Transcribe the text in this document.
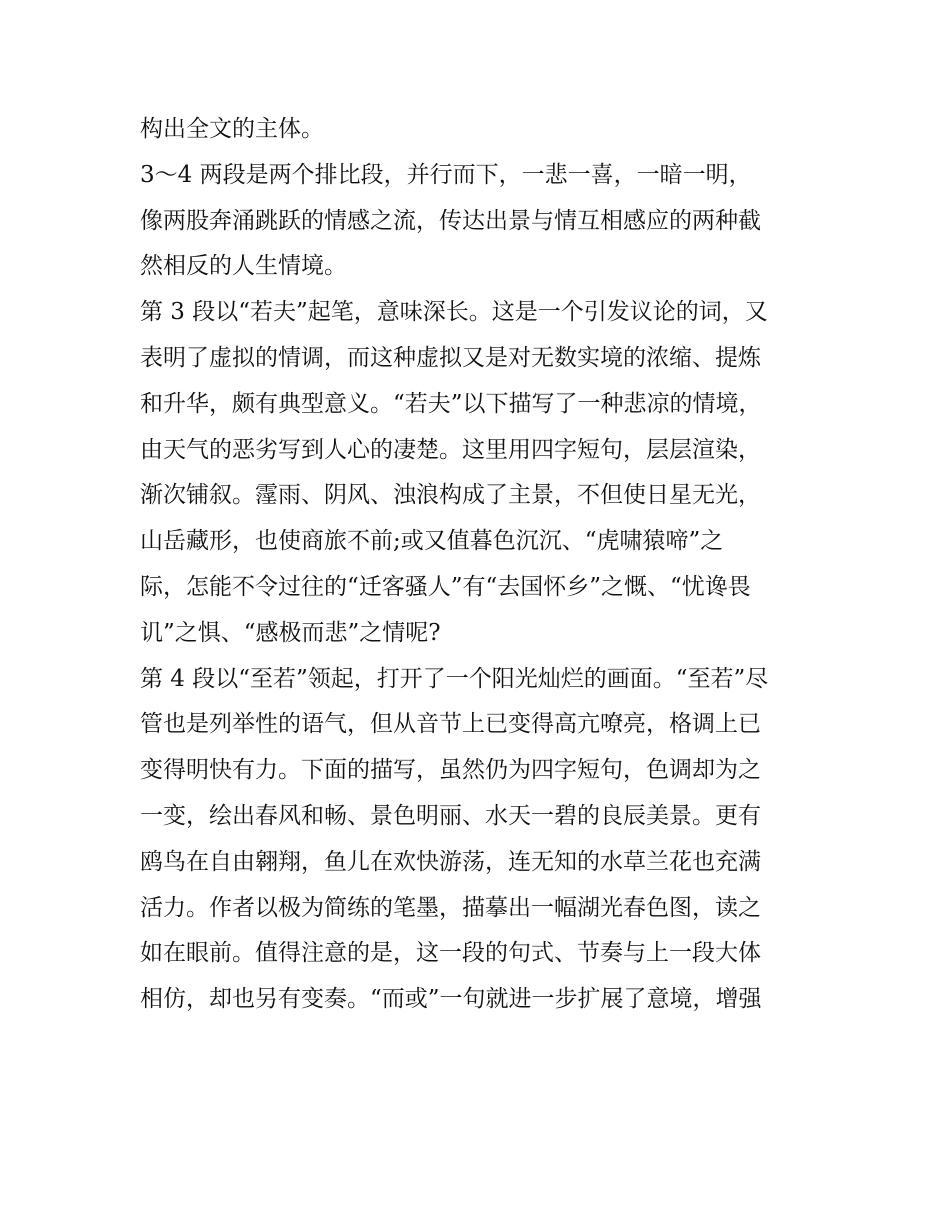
构出全文的主体。
3～4 两段是两个排比段，并行而下，一悲一喜，一暗一明，
像两股奔涌跳跃的情感之流，传达出景与情互相感应的两种截
然相反的人生情境。
第 3 段以“若夫”起笔，意味深长。这是一个引发议论的词，又
表明了虚拟的情调，而这种虚拟又是对无数实境的浓缩、提炼
和升华，颇有典型意义。“若夫”以下描写了一种悲凉的情境，
由天气的恶劣写到人心的凄楚。这里用四字短句，层层渲染，
渐次铺叙。霪雨、阴风、浊浪构成了主景，不但使日星无光，
山岳藏形，也使商旅不前;或又值暮色沉沉、“虎啸猿啼”之
际，怎能不令过往的“迁客骚人”有“去国怀乡”之慨、“忧谗畏
讥”之惧、“感极而悲”之情呢?
第 4 段以“至若”领起，打开了一个阳光灿烂的画面。“至若”尽
管也是列举性的语气，但从音节上已变得高亢嘹亮，格调上已
变得明快有力。下面的描写，虽然仍为四字短句，色调却为之
一变，绘出春风和畅、景色明丽、水天一碧的良辰美景。更有
鸥鸟在自由翱翔，鱼儿在欢快游荡，连无知的水草兰花也充满
活力。作者以极为简练的笔墨，描摹出一幅湖光春色图，读之
如在眼前。值得注意的是，这一段的句式、节奏与上一段大体
相仿，却也另有变奏。“而或”一句就进一步扩展了意境，增强
